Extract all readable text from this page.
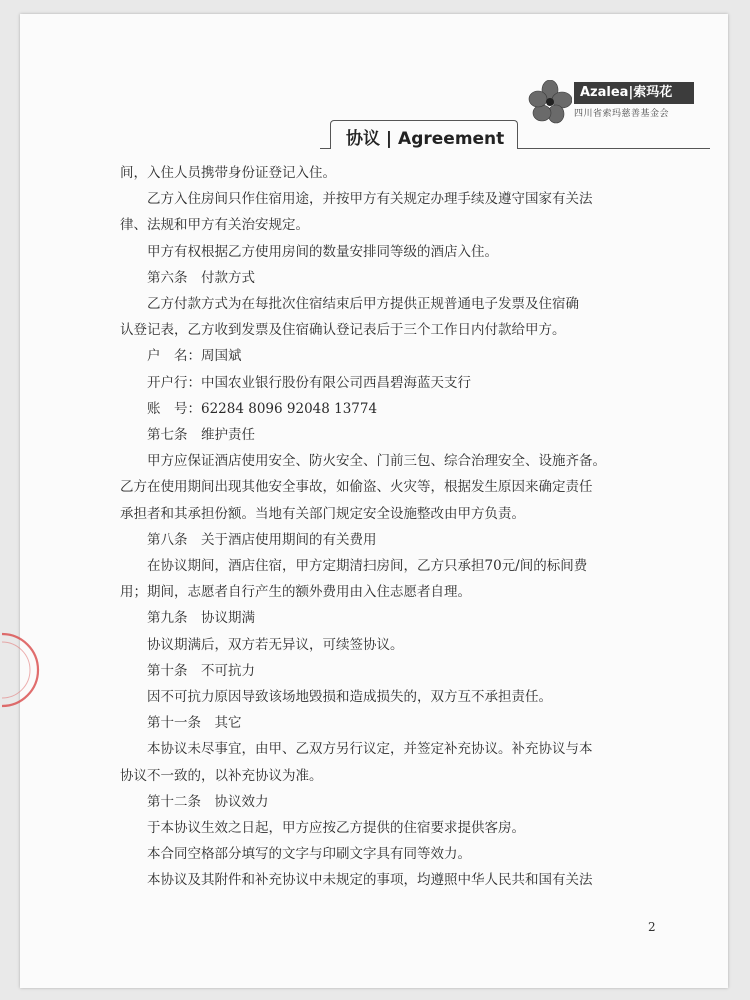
Azalea|索玛花
四川省索玛慈善基金会
协议 | Agreement

间，入住人员携带身份证登记入住。

乙方入住房间只作住宿用途，并按甲方有关规定办理手续及遵守国家有关法

律、法规和甲方有关治安规定。

甲方有权根据乙方使用房间的数量安排同等级的酒店入住。

第六条　付款方式

乙方付款方式为在每批次住宿结束后甲方提供正规普通电子发票及住宿确

认登记表，乙方收到发票及住宿确认登记表后于三个工作日内付款给甲方。

户　名：周国斌

开户行：中国农业银行股份有限公司西昌碧海蓝天支行

账　号：62284 8096 92048 13774

第七条　维护责任

甲方应保证酒店使用安全、防火安全、门前三包、综合治理安全、设施齐备。

乙方在使用期间出现其他安全事故，如偷盗、火灾等，根据发生原因来确定责任

承担者和其承担份额。当地有关部门规定安全设施整改由甲方负责。

第八条　关于酒店使用期间的有关费用

在协议期间，酒店住宿，甲方定期清扫房间，乙方只承担70元/间的标间费

用；期间，志愿者自行产生的额外费用由入住志愿者自理。

第九条　协议期满

协议期满后，双方若无异议，可续签协议。

第十条　不可抗力

因不可抗力原因导致该场地毁损和造成损失的，双方互不承担责任。

第十一条　其它

本协议未尽事宜，由甲、乙双方另行议定，并签定补充协议。补充协议与本

协议不一致的，以补充协议为准。

第十二条　协议效力

于本协议生效之日起，甲方应按乙方提供的住宿要求提供客房。

本合同空格部分填写的文字与印刷文字具有同等效力。

本协议及其附件和补充协议中未规定的事项，均遵照中华人民共和国有关法

2
